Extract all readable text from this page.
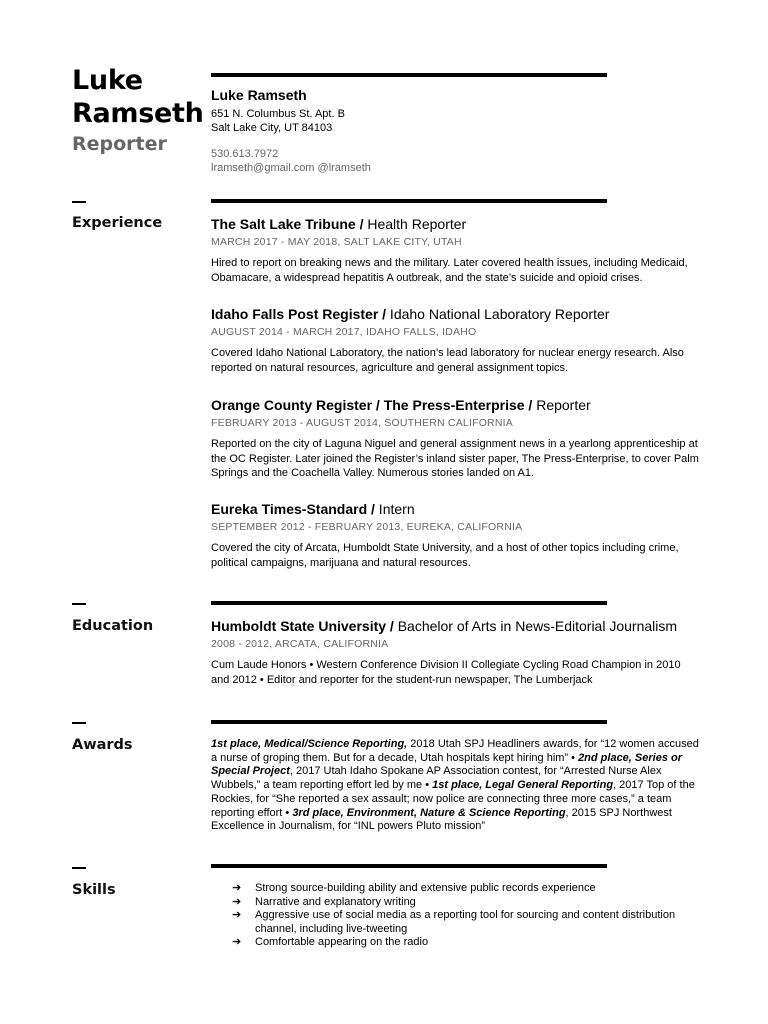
Luke
Ramseth
Reporter
Luke Ramseth
651 N. Columbus St. Apt. B
Salt Lake City, UT 84103
530.613.7972
lramseth@gmail.com @lramseth
Experience	The Salt Lake Tribune / Health Reporter
MARCH 2017 - MAY 2018, SALT LAKE CITY, UTAH
Hired to report on breaking news and the military. Later covered health issues, including Medicaid, Obamacare, a widespread hepatitis A outbreak, and the state’s suicide and opioid crises.
Idaho Falls Post Register / Idaho National Laboratory Reporter
AUGUST 2014 - MARCH 2017, IDAHO FALLS, IDAHO
Covered Idaho National Laboratory, the nation’s lead laboratory for nuclear energy research. Also reported on natural resources, agriculture and general assignment topics.
Orange County Register / The Press-Enterprise / Reporter
FEBRUARY 2013 - AUGUST 2014, SOUTHERN CALIFORNIA
Reported on the city of Laguna Niguel and general assignment news in a yearlong apprenticeship at the OC Register. Later joined the Register’s inland sister paper, The Press-Enterprise, to cover Palm Springs and the Coachella Valley. Numerous stories landed on A1.
Eureka Times-Standard / Intern
SEPTEMBER 2012 - FEBRUARY 2013, EUREKA, CALIFORNIA
Covered the city of Arcata, Humboldt State University, and a host of other topics including crime, political campaigns, marijuana and natural resources.
Education	Humboldt State University / Bachelor of Arts in News-Editorial Journalism
2008 - 2012, ARCATA, CALIFORNIA
Cum Laude Honors • Western Conference Division II Collegiate Cycling Road Champion in 2010 and 2012 • Editor and reporter for the student-run newspaper, The Lumberjack
Awards	1st place, Medical/Science Reporting, 2018 Utah SPJ Headliners awards, for “12 women accused a nurse of groping them. But for a decade, Utah hospitals kept hiring him” • 2nd place, Series or Special Project, 2017 Utah Idaho Spokane AP Association contest, for “Arrested Nurse Alex Wubbels,” a team reporting effort led by me • 1st place, Legal General Reporting, 2017 Top of the Rockies, for “She reported a sex assault; now police are connecting three more cases,” a team reporting effort • 3rd place, Environment, Nature & Science Reporting, 2015 SPJ Northwest Excellence in Journalism, for “INL powers Pluto mission”
Skills	➔ Strong source-building ability and extensive public records experience
➔ Narrative and explanatory writing
➔ Aggressive use of social media as a reporting tool for sourcing and content distribution channel, including live-tweeting
➔ Comfortable appearing on the radio
